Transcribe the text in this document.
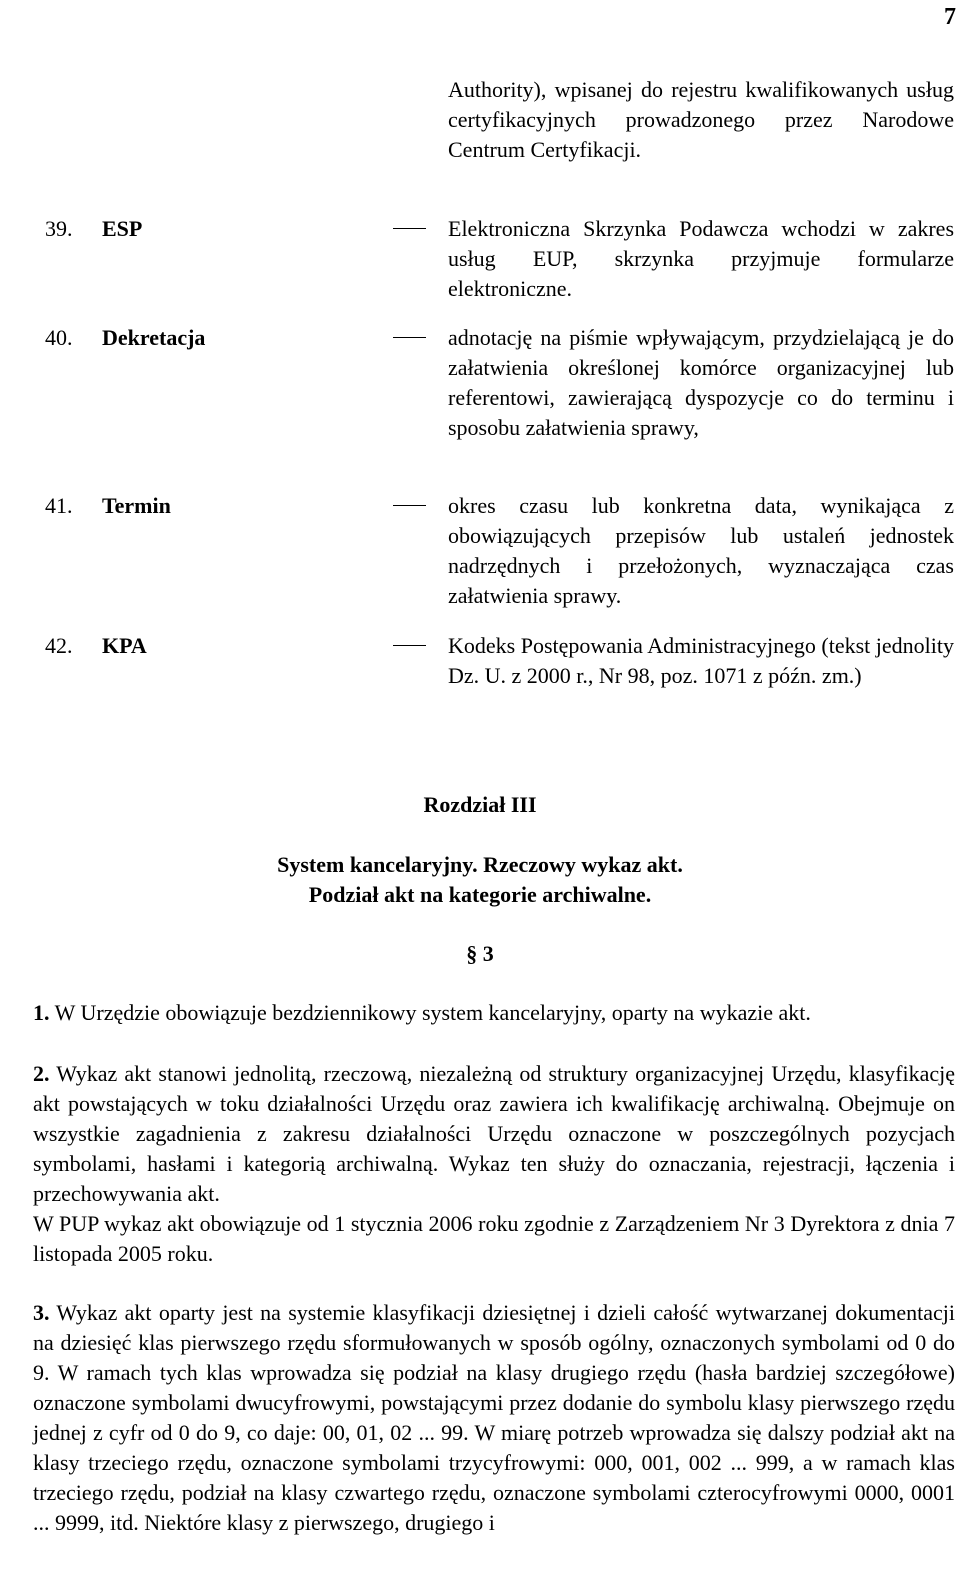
7
Authority), wpisanej do rejestru kwalifikowanych usług certyfikacyjnych prowadzonego przez Narodowe Centrum Certyfikacji.
39. ESP	Elektroniczna Skrzynka Podawcza wchodzi w zakres usług EUP, skrzynka przyjmuje formularze elektroniczne.
40. Dekretacja	adnotację na piśmie wpływającym, przydzielającą je do załatwienia określonej komórce organizacyjnej lub referentowi, zawierającą dyspozycje co do terminu i sposobu załatwienia sprawy,
41. Termin	okres czasu lub konkretna data, wynikająca z obowiązujących przepisów lub ustaleń jednostek nadrzędnych i przełożonych, wyznaczająca czas załatwienia sprawy.
42. KPA	Kodeks Postępowania Administracyjnego (tekst jednolity Dz. U. z 2000 r., Nr 98, poz. 1071 z późn. zm.)
Rozdział III
System kancelaryjny. Rzeczowy wykaz akt.
Podział akt na kategorie archiwalne.
§ 3
1. W Urzędzie obowiązuje bezdziennikowy system kancelaryjny, oparty na wykazie akt.
2. Wykaz akt stanowi jednolitą, rzeczową, niezależną od struktury organizacyjnej Urzędu, klasyfikację akt powstających w toku działalności Urzędu oraz zawiera ich kwalifikację archiwalną. Obejmuje on wszystkie zagadnienia z zakresu działalności Urzędu oznaczone w poszczególnych pozycjach symbolami, hasłami i kategorią archiwalną. Wykaz ten służy do oznaczania, rejestracji, łączenia i przechowywania akt.
W PUP wykaz akt obowiązuje od 1 stycznia 2006 roku zgodnie z Zarządzeniem Nr 3 Dyrektora z dnia 7 listopada 2005 roku.
3. Wykaz akt oparty jest na systemie klasyfikacji dziesiętnej i dzieli całość wytwarzanej dokumentacji na dziesięć klas pierwszego rzędu sformułowanych w sposób ogólny, oznaczonych symbolami od 0 do 9. W ramach tych klas wprowadza się podział na klasy drugiego rzędu (hasła bardziej szczegółowe) oznaczone symbolami dwucyfrowymi, powstającymi przez dodanie do symbolu klasy pierwszego rzędu jednej z cyfr od 0 do 9, co daje: 00, 01, 02 ... 99. W miarę potrzeb wprowadza się dalszy podział akt na klasy trzeciego rzędu, oznaczone symbolami trzycyfrowymi: 000, 001, 002 ... 999, a w ramach klas trzeciego rzędu, podział na klasy czwartego rzędu, oznaczone symbolami czterocyfrowymi 0000, 0001 ... 9999, itd. Niektóre klasy z pierwszego, drugiego i
